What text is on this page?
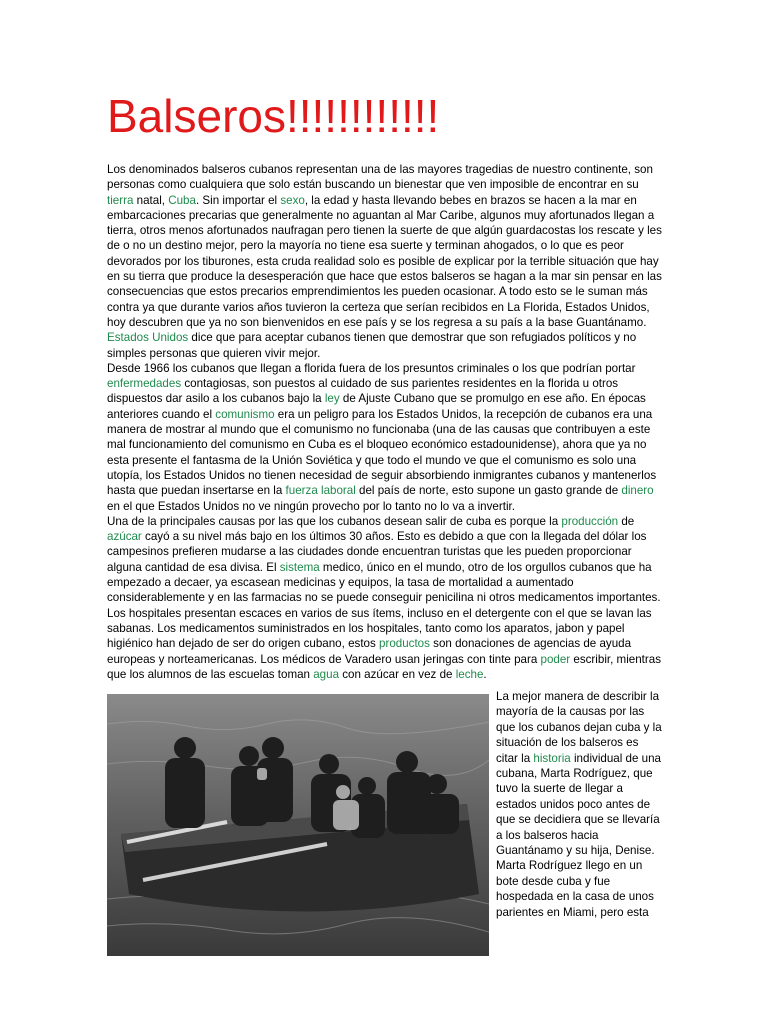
Balseros!!!!!!!!!!!!

Los denominados balseros cubanos representan una de las mayores tragedias de nuestro continente, son personas como cualquiera que solo están buscando un bienestar que ven imposible de encontrar en su tierra natal, Cuba. Sin importar el sexo, la edad y hasta llevando bebes en brazos se hacen a la mar en embarcaciones precarias que generalmente no aguantan al Mar Caribe, algunos muy afortunados llegan a tierra, otros menos afortunados naufragan pero tienen la suerte de que algún guardacostas los rescate y les de o no un destino mejor, pero la mayoría no tiene esa suerte y terminan ahogados, o lo que es peor devorados por los tiburones, esta cruda realidad solo es posible de explicar por la terrible situación que hay en su tierra que produce la desesperación que hace que estos balseros se hagan a la mar sin pensar en las consecuencias que estos precarios emprendimientos les pueden ocasionar. A todo esto se le suman más contra ya que durante varios años tuvieron la certeza que serían recibidos en La Florida, Estados Unidos, hoy descubren que ya no son bienvenidos en ese país y se los regresa a su país a la base Guantánamo. Estados Unidos dice que para aceptar cubanos tienen que demostrar que son refugiados políticos y no simples personas que quieren vivir mejor.

Desde 1966 los cubanos que llegan a florida fuera de los presuntos criminales o los que podrían portar enfermedades contagiosas, son puestos al cuidado de sus parientes residentes en la florida u otros dispuestos dar asilo a los cubanos bajo la ley de Ajuste Cubano que se promulgo en ese año. En épocas anteriores cuando el comunismo era un peligro para los Estados Unidos, la recepción de cubanos era una manera de mostrar al mundo que el comunismo no funcionaba (una de las causas que contribuyen a este mal funcionamiento del comunismo en Cuba es el bloqueo económico estadounidense), ahora que ya no esta presente el fantasma de la Unión Soviética y que todo el mundo ve que el comunismo es solo una utopía, los Estados Unidos no tienen necesidad de seguir absorbiendo inmigrantes cubanos y mantenerlos hasta que puedan insertarse en la fuerza laboral del país de norte, esto supone un gasto grande de dinero en el que Estados Unidos no ve ningún provecho por lo tanto no lo va a invertir.

Una de la principales causas por las que los cubanos desean salir de cuba es porque la producción de azúcar cayó a su nivel más bajo en los últimos 30 años. Esto es debido a que con la llegada del dólar los campesinos prefieren mudarse a las ciudades donde encuentran turistas que les pueden proporcionar alguna cantidad de esa divisa. El sistema medico, único en el mundo, otro de los orgullos cubanos que ha empezado a decaer, ya escasean medicinas y equipos, la tasa de mortalidad a aumentado considerablemente y en las farmacias no se puede conseguir penicilina ni otros medicamentos importantes. Los hospitales presentan escaces en varios de sus ítems, incluso en el detergente con el que se lavan las sabanas. Los medicamentos suministrados en los hospitales, tanto como los aparatos, jabon y papel higiénico han dejado de ser do origen cubano, estos productos son donaciones de agencias de ayuda europeas y norteamericanas. Los médicos de Varadero usan jeringas con tinte para poder escribir, mientras que los alumnos de las escuelas toman agua con azúcar en vez de leche.

La mejor manera de describir la mayoría de la causas por las que los cubanos dejan cuba y la situación de los balseros es citar la historia individual de una cubana, Marta Rodríguez, que tuvo la suerte de llegar a estados unidos poco antes de que se decidiera que se llevaría a los balseros hacia Guantánamo y su hija, Denise. Marta Rodríguez llego en un bote desde cuba y fue hospedada en la casa de unos parientes en Miami, pero esta
